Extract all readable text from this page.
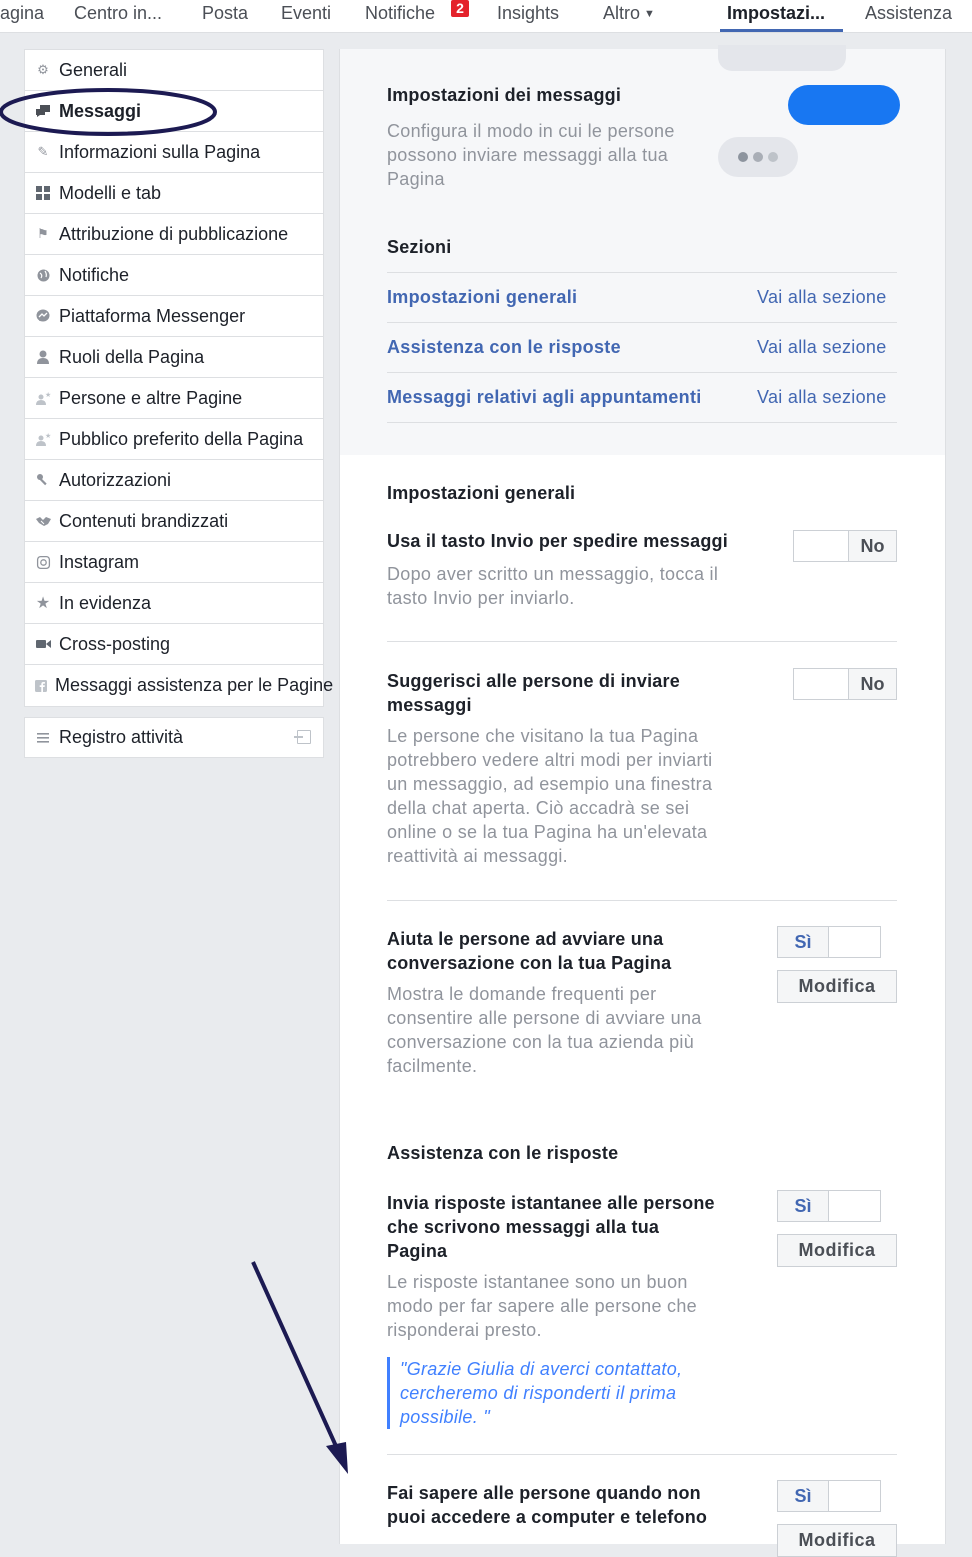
agina Centro in... Posta Eventi Notifiche	2 Insights Altro ▼	Impostazi... Assistenza
⚙ Generali
Messaggi
✎ Informazioni sulla Pagina
Modelli e tab
⚑ Attribuzione di pubblicazione
Notifiche
Piattaforma Messenger
Ruoli della Pagina
★ Persone e altre Pagine
★ Pubblico preferito della Pagina
Autorizzazioni
Contenuti brandizzati
Instagram
★ In evidenza
Cross-posting
Messaggi assistenza per le Pagine
Registro attività
Impostazioni dei messaggi
Configura il modo in cui le persone
possono inviare messaggi alla tua
Pagina
Sezioni
Impostazioni generali	Vai alla sezione
Assistenza con le risposte	Vai alla sezione
Messaggi relativi agli appuntamenti	Vai alla sezione
Impostazioni generali
Usa il tasto Invio per spedire messaggi
Dopo aver scritto un messaggio, tocca il
tasto Invio per inviarlo.
No
Suggerisci alle persone di inviare
messaggi
Le persone che visitano la tua Pagina
potrebbero vedere altri modi per inviarti
un messaggio, ad esempio una finestra
della chat aperta. Ciò accadrà se sei
online o se la tua Pagina ha un'elevata
reattività ai messaggi.
No
Aiuta le persone ad avviare una
conversazione con la tua Pagina
Mostra le domande frequenti per
consentire alle persone di avviare una
conversazione con la tua azienda più
facilmente.
Sì
Modifica
Assistenza con le risposte
Invia risposte istantanee alle persone
che scrivono messaggi alla tua
Pagina
Le risposte istantanee sono un buon
modo per far sapere alle persone che
risponderai presto.
"Grazie Giulia di averci contattato,
cercheremo di risponderti il prima
possibile. "
Sì
Modifica
Fai sapere alle persone quando non
puoi accedere a computer e telefono
Sì
Modifica
